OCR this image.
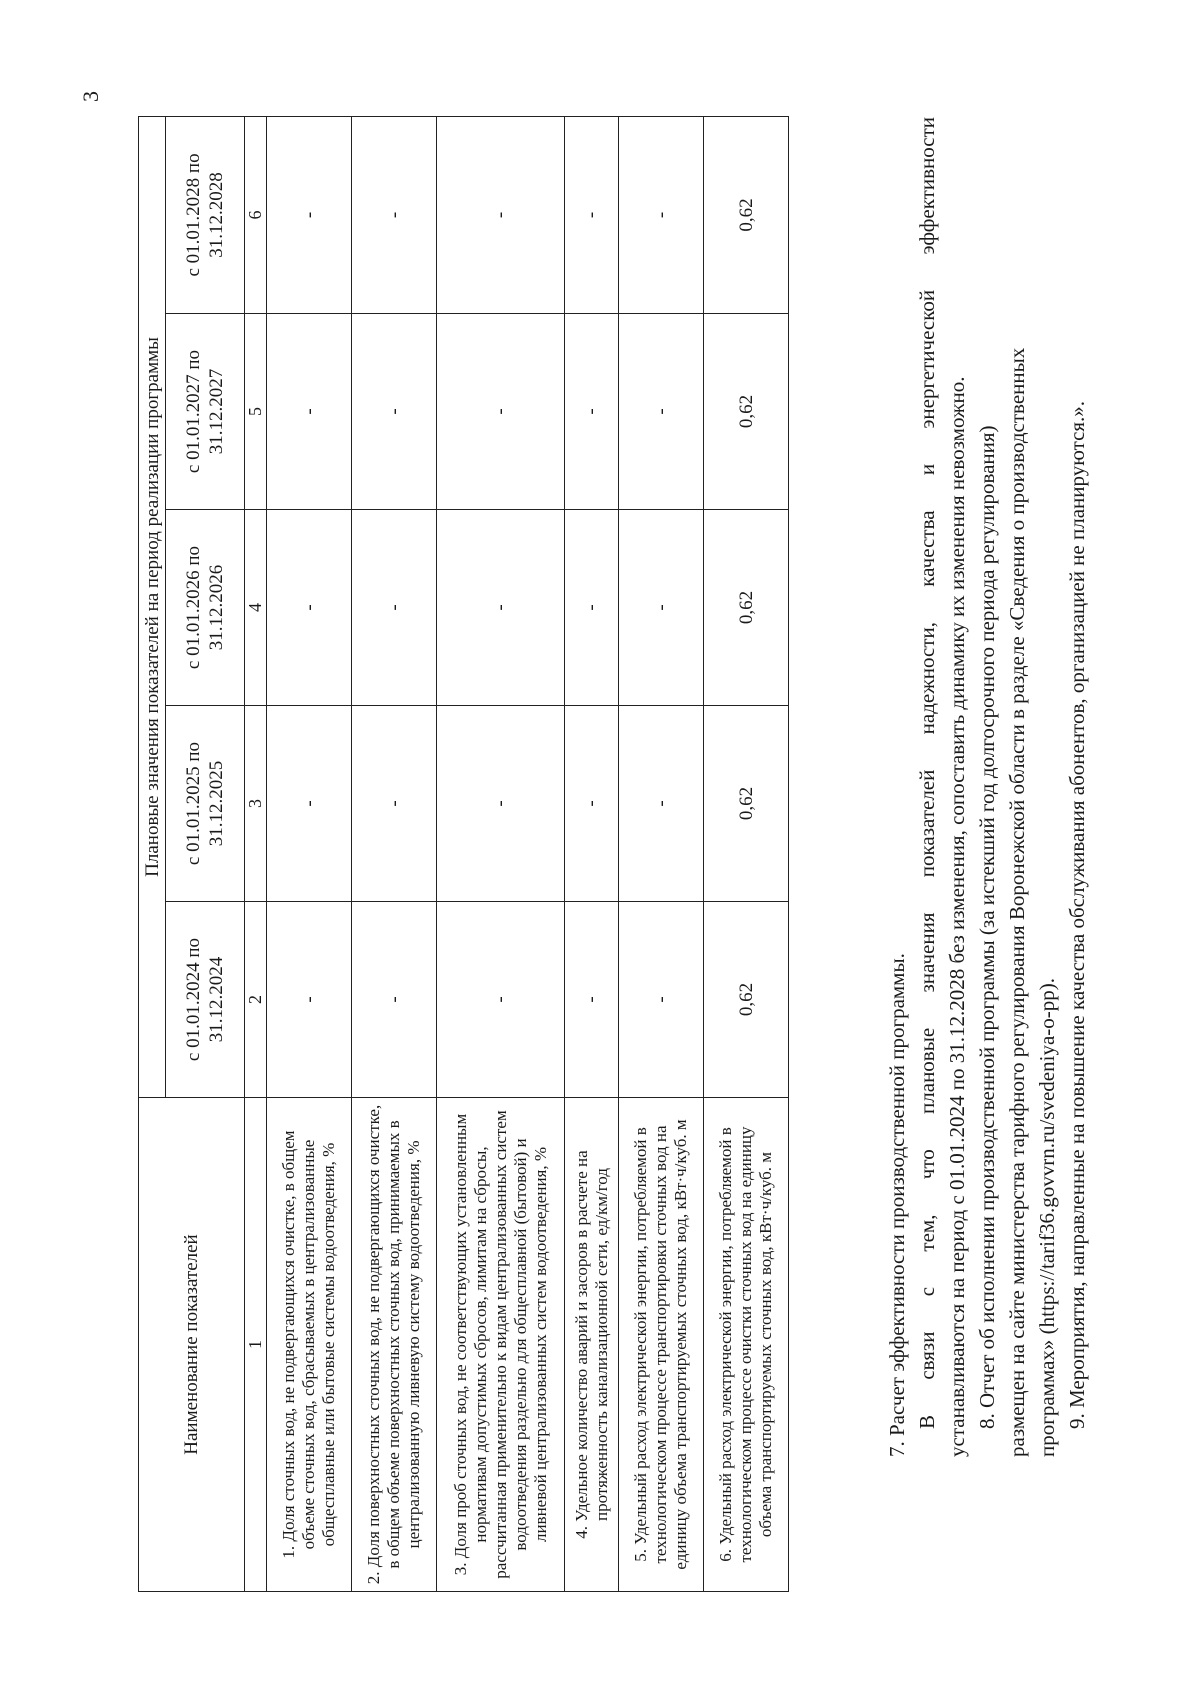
3
Наименование показателей	Плановые значения показателей на период реализации программы				
	с 01.01.2024 по 31.12.2024	с 01.01.2025 по 31.12.2025	с 01.01.2026 по 31.12.2026	с 01.01.2027 по 31.12.2027	с 01.01.2028 по 31.12.2028
1	2	3	4	5	6
1. Доля сточных вод, не подвергающихся очистке, в общем объеме сточных вод, сбрасываемых в централизованные общесплавные или бытовые системы водоотведения, %	-	-	-	-	-
2. Доля поверхностных сточных вод, не подвергающихся очистке, в общем объеме поверхностных сточных вод, принимаемых в централизованную ливневую систему водоотведения, %	-	-	-	-	-
3. Доля проб сточных вод, не соответствующих установленным нормативам допустимых сбросов, лимитам на сбросы, рассчитанная применительно к видам централизованных систем водоотведения раздельно для общесплавной (бытовой) и ливневой централизованных систем водоотведения, %	-	-	-	-	-
4. Удельное количество аварий и засоров в расчете на протяженность канализационной сети, ед/км/год	-	-	-	-	-
5. Удельный расход электрической энергии, потребляемой в технологическом процессе транспортировки сточных вод на единицу объема транспортируемых сточных вод, кВт·ч/куб. м	-	-	-	-	-
6. Удельный расход электрической энергии, потребляемой в технологическом процессе очистки сточных вод на единицу объема транспортируемых сточных вод, кВт·ч/куб. м	0,62	0,62	0,62	0,62	0,62

7. Расчет эффективности производственной программы. В связи с тем, что плановые значения показателей надежности, качества и энергетической эффективности устанавливаются на период с 01.01.2024 по 31.12.2028 без изменения, сопоставить динамику их изменения невозможно. 8. Отчет об исполнении производственной программы (за истекший год долгосрочного периода регулирования) размещен на сайте министерства тарифного регулирования Воронежской области в разделе «Сведения о производственных программах» (https://tarif36.govvrn.ru/svedeniya-o-pp). 9. Мероприятия, направленные на повышение качества обслуживания абонентов, организацией не планируются.».
